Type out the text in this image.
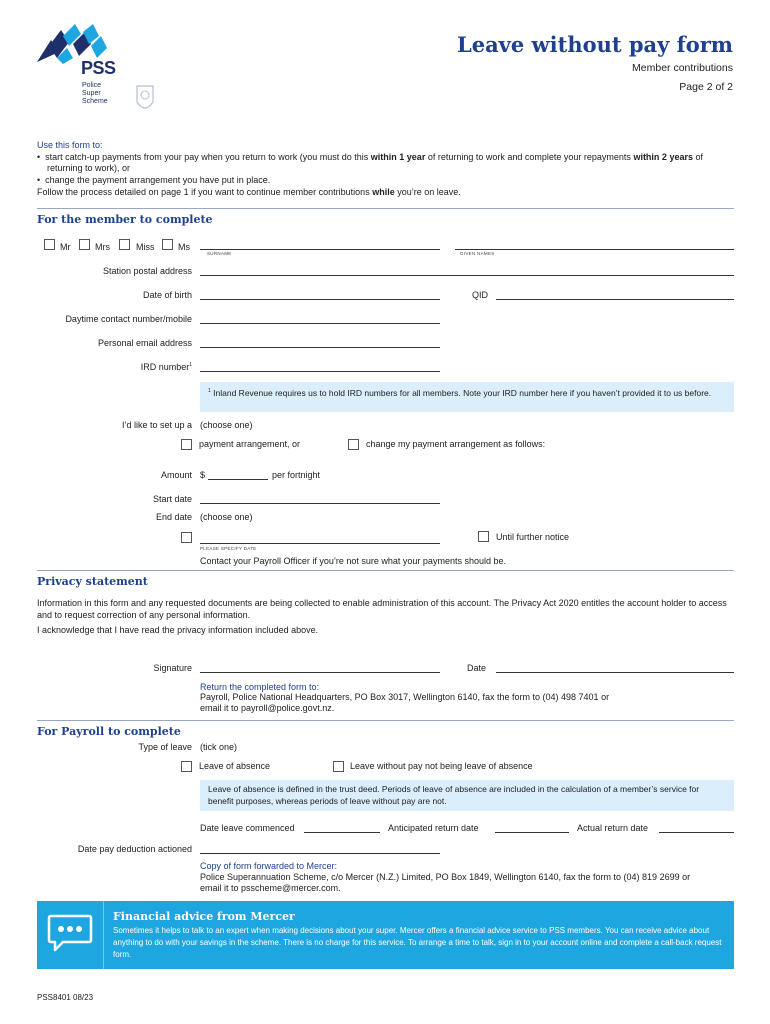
PSS
Police
Super
Scheme
Leave without pay form
Member contributions
Page 2 of 2
Use this form to:
•  start catch-up payments from your pay when you return to work (you must do this within 1 year of returning to work and complete your repayments within 2 years of returning to work), or
•  change the payment arrangement you have put in place.
Follow the process detailed on page 1 if you want to continue member contributions while you’re on leave.
For the member to complete
Mr	Mrs	Miss	Ms
SURNAME	GIVEN NAMES
Station postal address
Date of birth	QID
Daytime contact number/mobile
Personal email address
IRD number$^1$
$^1$ Inland Revenue requires us to hold IRD numbers for all members. Note your IRD number here if you haven’t provided it to us before.
I’d like to set up a (choose one)
payment arrangement, or	change my payment arrangement as follows:
Amount $	per fortnight
Start date
End date (choose one)
PLEASE SPECIFY DATE
Until further notice
Contact your Payroll Officer if you’re not sure what your payments should be.
Privacy statement
Information in this form and any requested documents are being collected to enable administration of this account. The Privacy Act 2020 entitles the account holder to access and to request correction of any personal information.
I acknowledge that I have read the privacy information included above.
Signature	Date
Return the completed form to:
Payroll, Police National Headquarters, PO Box 3017, Wellington 6140, fax the form to (04) 498 7401 or
email it to payroll@police.govt.nz.
For Payroll to complete
Type of leave (tick one)
Leave of absence	Leave without pay not being leave of absence
Leave of absence is defined in the trust deed. Periods of leave of absence are included in the calculation of a member’s service for benefit purposes, whereas periods of leave without pay are not.
Date leave commenced	Anticipated return date	Actual return date
Date pay deduction actioned
Copy of form forwarded to Mercer:
Police Superannuation Scheme, c/o Mercer (N.Z.) Limited, PO Box 1849, Wellington 6140, fax the form to (04) 819 2699 or
email it to psscheme@mercer.com.
Financial advice from Mercer
Sometimes it helps to talk to an expert when making decisions about your super. Mercer offers a financial advice service to PSS members. You can receive advice about anything to do with your savings in the scheme. There is no charge for this service. To arrange a time to talk, sign in to your account online and complete a call-back request form.
PSS8401 08/23
